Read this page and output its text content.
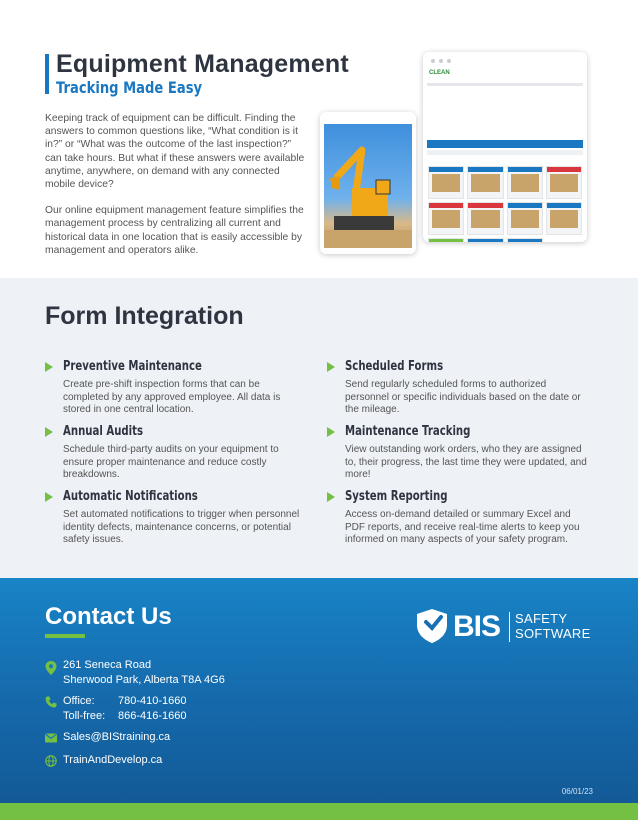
Equipment Management
Tracking Made Easy

Keeping track of equipment can be difficult. Finding the answers to common questions like, “What condition is it in?” or “What was the outcome of the last inspection?” can take hours. But what if these answers were available anytime, anywhere, on demand with any connected mobile device?

Our online equipment management feature simplifies the management process by centralizing all current and historical data in one location that is easily accessible by management and operators alike.

CLEAN
Form Integration
Preventive Maintenance
Create pre-shift inspection forms that can be completed by any approved employee. All data is stored in one central location.
Scheduled Forms
Send regularly scheduled forms to authorized personnel or specific individuals based on the date or the mileage.
Annual Audits
Schedule third-party audits on your equipment to ensure proper maintenance and reduce costly breakdowns.
Maintenance Tracking
View outstanding work orders, who they are assigned to, their progress, the last time they were updated, and more!
Automatic Notifications
Set automated notifications to trigger when personnel identity defects, maintenance concerns, or potential safety issues.
System Reporting
Access on-demand detailed or summary Excel and PDF reports, and receive real-time alerts to keep you informed on many aspects of your safety program.
Contact Us
261 Seneca Road
Sherwood Park, Alberta T8A 4G6
Office: 780-410-1660
Toll-free: 866-416-1660
Sales@BIStraining.ca
TrainAndDevelop.ca
BIS SAFETY
SOFTWARE
06/01/23
